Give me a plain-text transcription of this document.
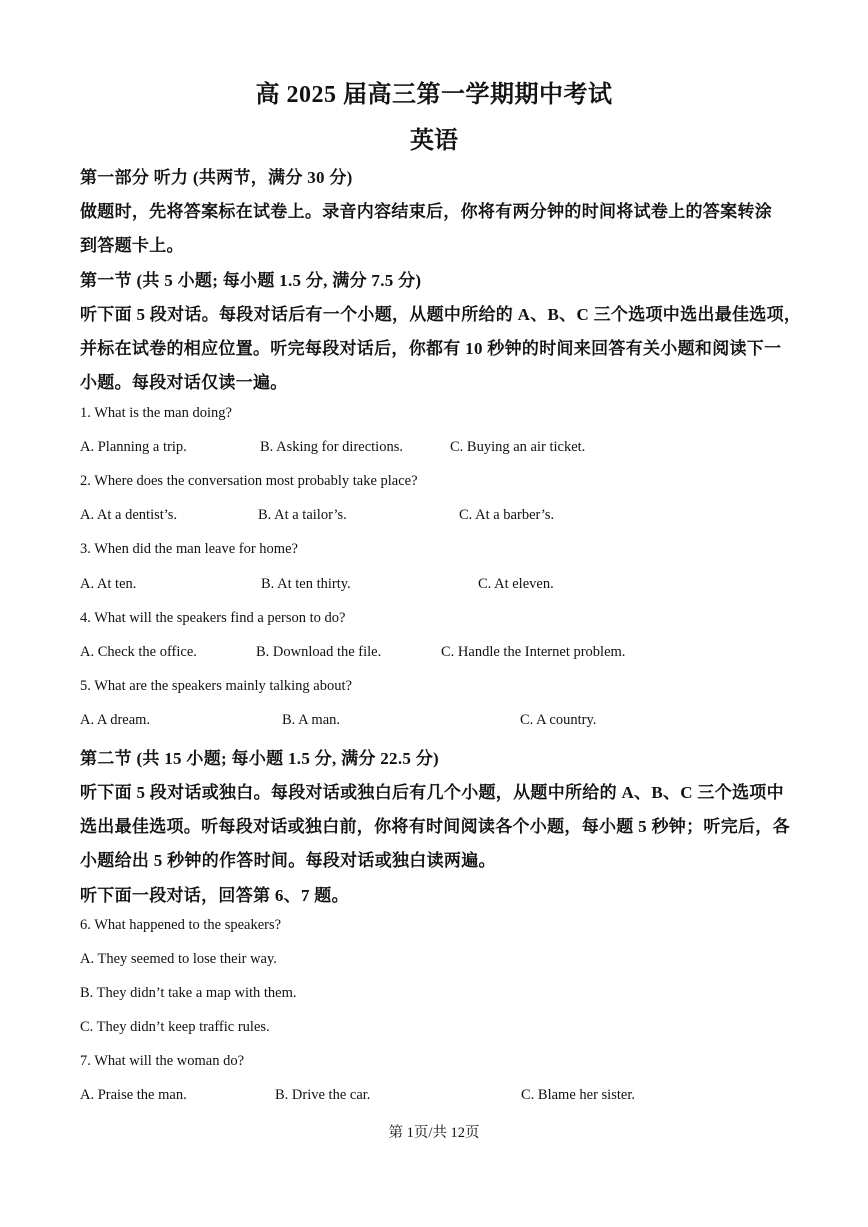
高 2025 届高三第一学期期中考试
英语
第一部分 听力 (共两节，满分 30 分)
做题时，先将答案标在试卷上。录音内容结束后，你将有两分钟的时间将试卷上的答案转涂
到答题卡上。
第一节 (共 5 小题; 每小题 1.5 分, 满分 7.5 分)
听下面 5 段对话。每段对话后有一个小题，从题中所给的 A、B、C 三个选项中选出最佳选项，
并标在试卷的相应位置。听完每段对话后，你都有 10 秒钟的时间来回答有关小题和阅读下一
小题。每段对话仅读一遍。
1. What is the man doing?
A. Planning a trip.	B. Asking for directions.	C. Buying an air ticket.
2. Where does the conversation most probably take place?
A. At a dentist’s.	B. At a tailor’s.	C. At a barber’s.
3. When did the man leave for home?
A. At ten.	B. At ten thirty.	C. At eleven.
4. What will the speakers find a person to do?
A. Check the office.	B. Download the file.	C. Handle the Internet problem.
5. What are the speakers mainly talking about?
A. A dream.	B. A man.	C. A country.
第二节 (共 15 小题; 每小题 1.5 分, 满分 22.5 分)
听下面 5 段对话或独白。每段对话或独白后有几个小题，从题中所给的 A、B、C 三个选项中
选出最佳选项。听每段对话或独白前，你将有时间阅读各个小题，每小题 5 秒钟；听完后，各
小题给出 5 秒钟的作答时间。每段对话或独白读两遍。
听下面一段对话，回答第 6、7 题。
6. What happened to the speakers?
A. They seemed to lose their way.
B. They didn’t take a map with them.
C. They didn’t keep traffic rules.
7. What will the woman do?
A. Praise the man.	B. Drive the car.	C. Blame her sister.
第 1页/共 12页
